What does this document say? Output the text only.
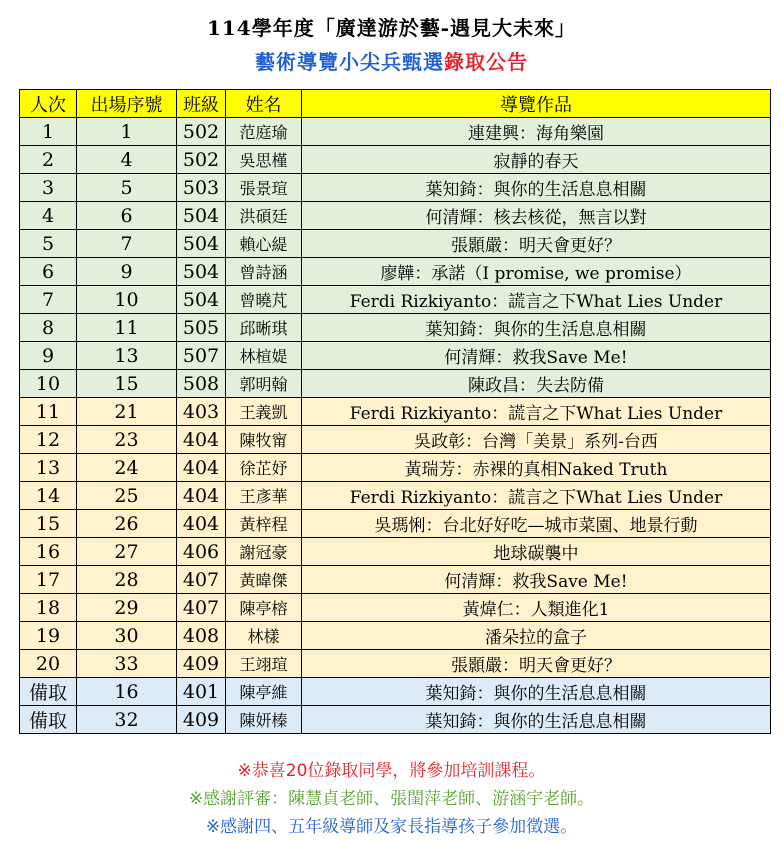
114學年度「廣達游於藝-遇見大未來」
藝術導覽小尖兵甄選錄取公告
人次	出場序號	班級	姓名	導覽作品
1	1	502	范庭瑜	連建興：海角樂園
2	4	502	吳思槿	寂靜的春天
3	5	503	張景瑄	葉知錡：與你的生活息息相關
4	6	504	洪碩廷	何清輝：核去核從，無言以對
5	7	504	賴心緹	張顥嚴：明天會更好？
6	9	504	曾詩涵	廖韡：承諾（I promise, we promise）
7	10	504	曾曉芃	Ferdi Rizkiyanto：謊言之下What Lies Under
8	11	505	邱晰琪	葉知錡：與你的生活息息相關
9	13	507	林楦媞	何清輝：救我Save Me!
10	15	508	郭明翰	陳政昌：失去防備
11	21	403	王義凱	Ferdi Rizkiyanto：謊言之下What Lies Under
12	23	404	陳牧甯	吳政彰：台灣「美景」系列-台西
13	24	404	徐芷妤	黃瑞芳：赤裸的真相Naked Truth
14	25	404	王彥華	Ferdi Rizkiyanto：謊言之下What Lies Under
15	26	404	黃梓程	吳瑪悧：台北好好吃—城市菜園、地景行動
16	27	406	謝冠豪	地球碳襲中
17	28	407	黃暐傑	何清輝：救我Save Me!
18	29	407	陳亭榕	黃煒仁：人類進化1
19	30	408	林樣	潘朵拉的盒子
20	33	409	王翊瑄	張顥嚴：明天會更好？
備取	16	401	陳亭維	葉知錡：與你的生活息息相關
備取	32	409	陳妍榛	葉知錡：與你的生活息息相關
※恭喜20位錄取同學，將參加培訓課程。
※感謝評審：陳慧貞老師、張閨萍老師、游涵宇老師。
※感謝四、五年級導師及家長指導孩子參加徵選。
